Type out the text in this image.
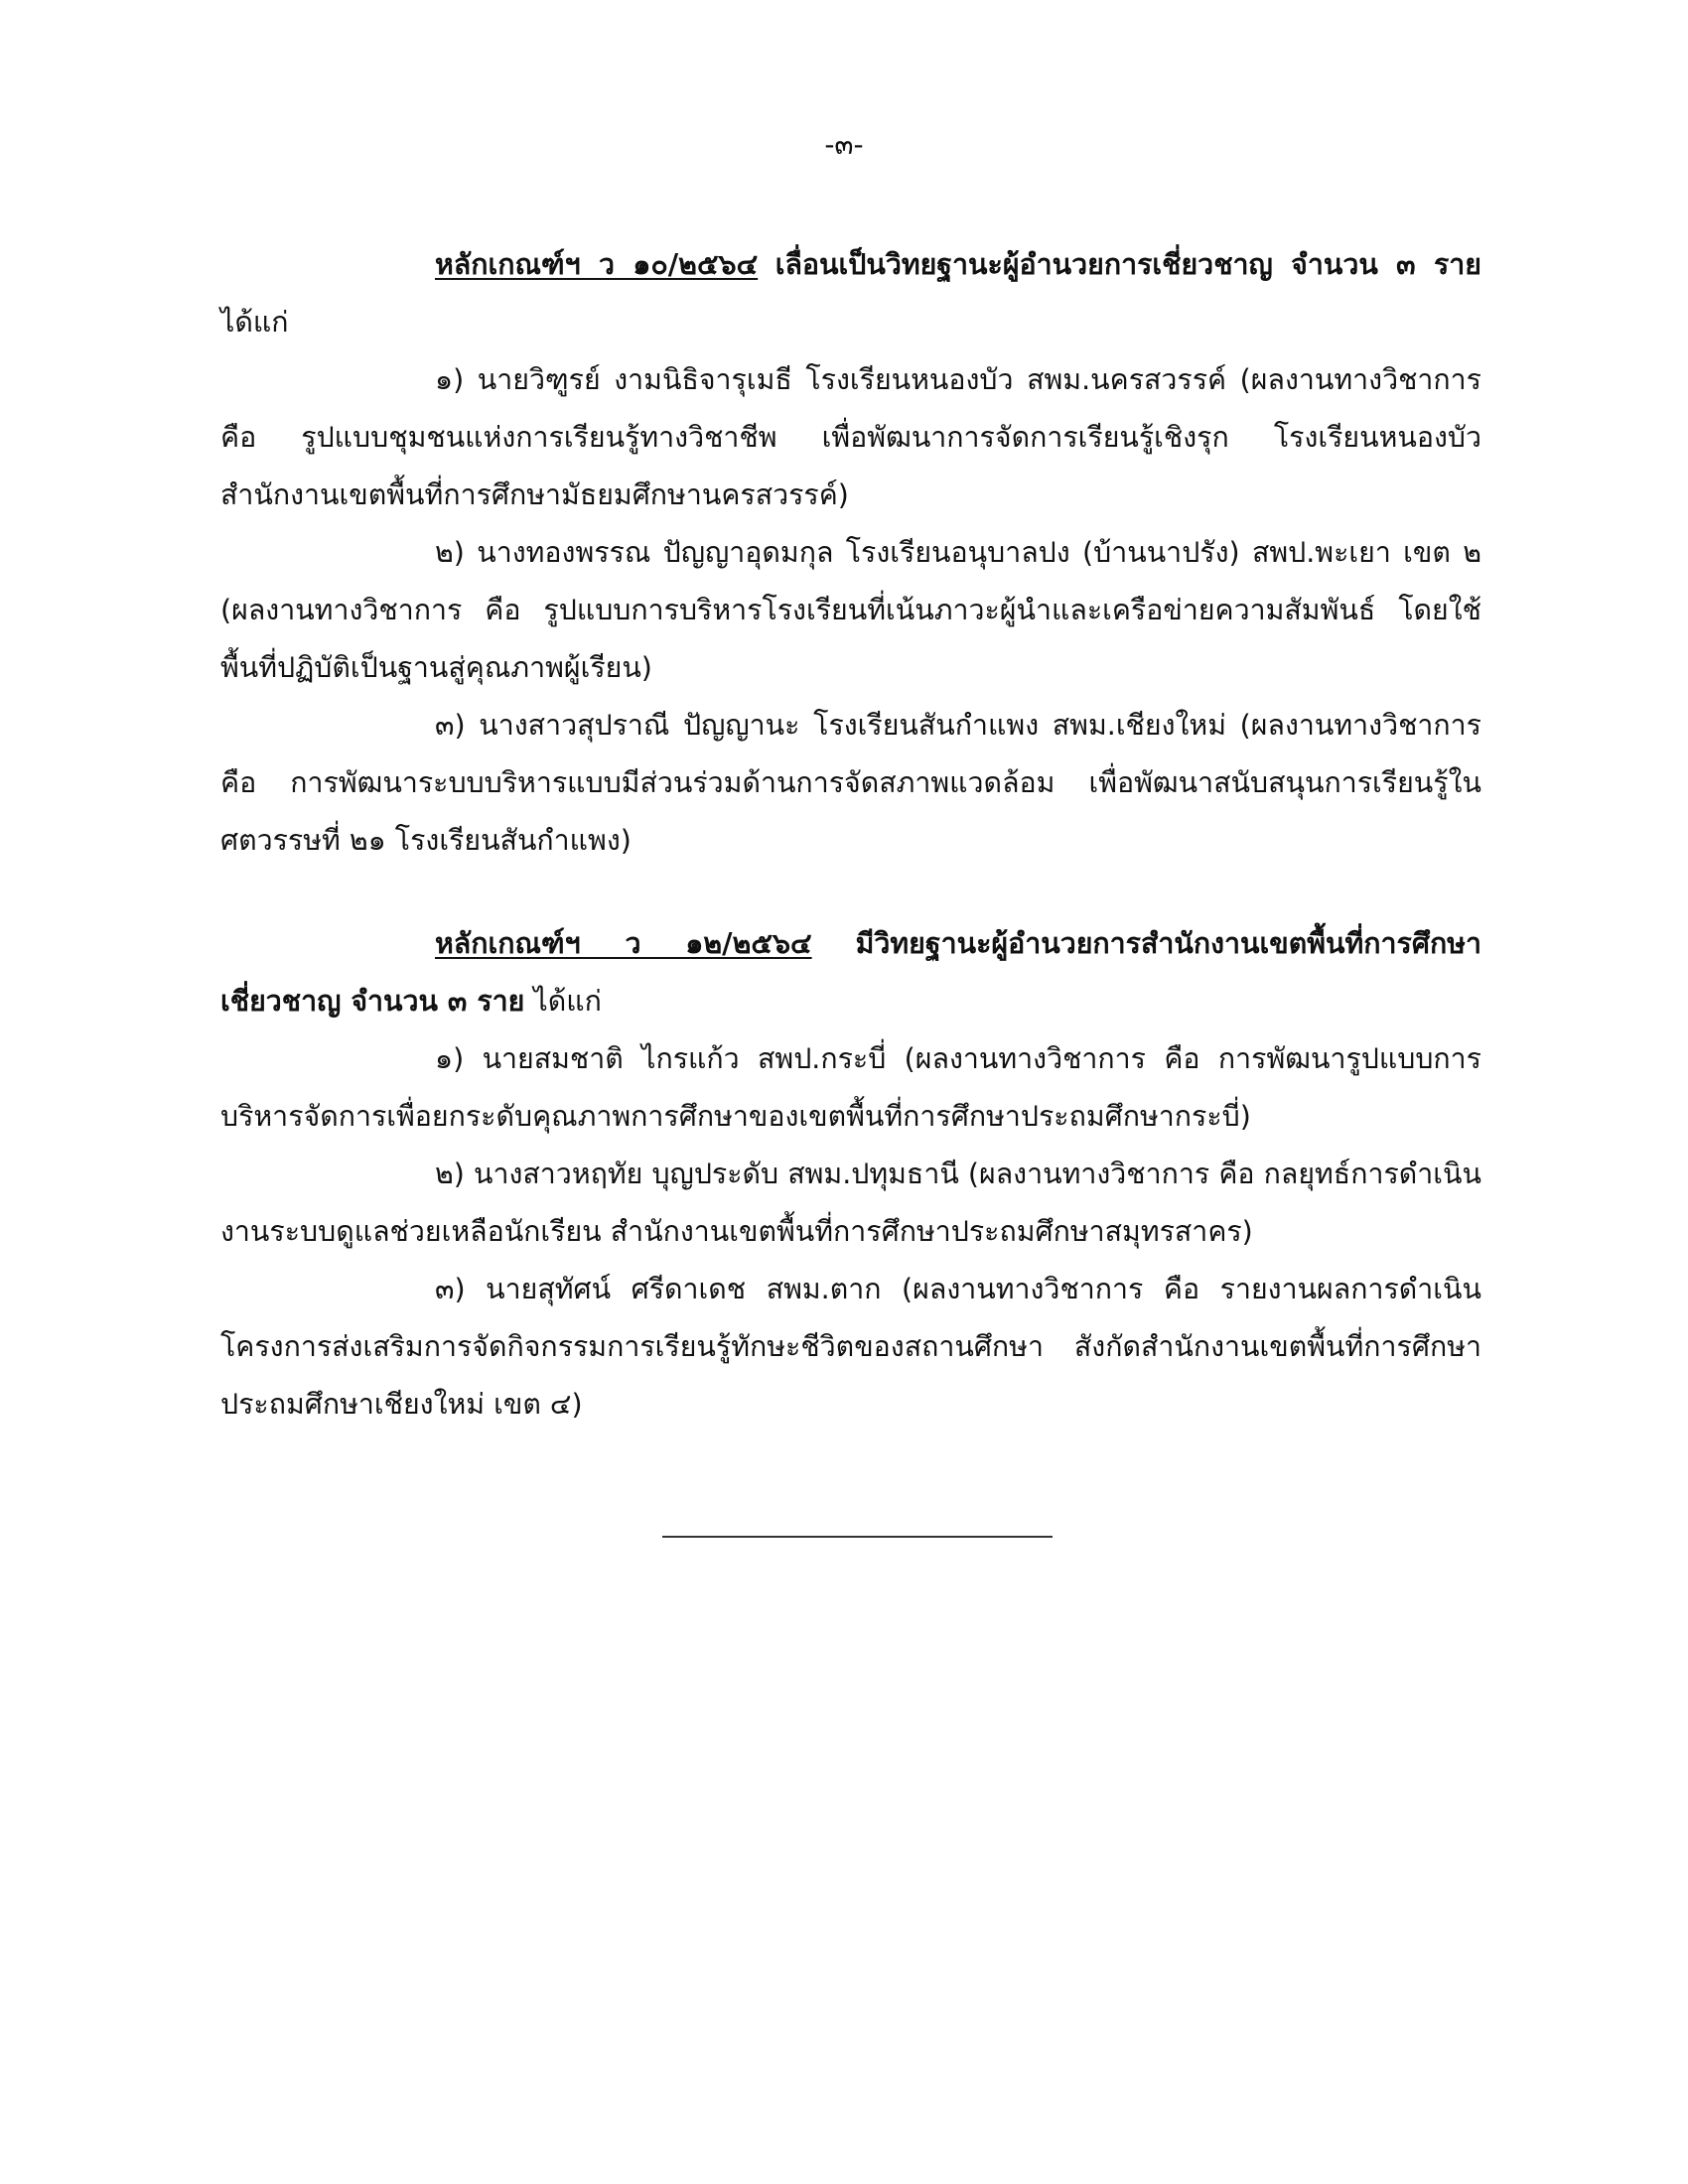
-๓-

หลักเกณฑ์ฯ ว ๑๐/๒๕๖๔ เลื่อนเป็นวิทยฐานะผู้อำนวยการเชี่ยวชาญ จำนวน ๓ ราย ได้แก่

๑) นายวิฑูรย์ งามนิธิจารุเมธี โรงเรียนหนองบัว สพม.นครสวรรค์ (ผลงานทางวิชาการ คือ รูปแบบชุมชนแห่งการเรียนรู้ทางวิชาชีพ เพื่อพัฒนาการจัดการเรียนรู้เชิงรุก โรงเรียนหนองบัว สำนักงานเขตพื้นที่การศึกษามัธยมศึกษานครสวรรค์)

๒) นางทองพรรณ ปัญญาอุดมกุล โรงเรียนอนุบาลปง (บ้านนาปรัง) สพป.พะเยา เขต ๒ (ผลงานทางวิชาการ คือ รูปแบบการบริหารโรงเรียนที่เน้นภาวะผู้นำและเครือข่ายความสัมพันธ์ โดยใช้พื้นที่ปฏิบัติเป็นฐานสู่คุณภาพผู้เรียน)

๓) นางสาวสุปราณี ปัญญานะ โรงเรียนสันกำแพง สพม.เชียงใหม่ (ผลงานทางวิชาการ คือ การพัฒนาระบบบริหารแบบมีส่วนร่วมด้านการจัดสภาพแวดล้อม เพื่อพัฒนาสนับสนุนการเรียนรู้ในศตวรรษที่ ๒๑ โรงเรียนสันกำแพง)

หลักเกณฑ์ฯ ว ๑๒/๒๕๖๔ มีวิทยฐานะผู้อำนวยการสำนักงานเขตพื้นที่การศึกษาเชี่ยวชาญ จำนวน ๓ ราย ได้แก่

๑) นายสมชาติ ไกรแก้ว สพป.กระบี่ (ผลงานทางวิชาการ คือ การพัฒนารูปแบบการบริหารจัดการเพื่อยกระดับคุณภาพการศึกษาของเขตพื้นที่การศึกษาประถมศึกษากระบี่)

๒) นางสาวหฤทัย บุญประดับ สพม.ปทุมธานี (ผลงานทางวิชาการ คือ กลยุทธ์การดำเนินงานระบบดูแลช่วยเหลือนักเรียน สำนักงานเขตพื้นที่การศึกษาประถมศึกษาสมุทรสาคร)

๓) นายสุทัศน์ ศรีดาเดช สพม.ตาก (ผลงานทางวิชาการ คือ รายงานผลการดำเนินโครงการส่งเสริมการจัดกิจกรรมการเรียนรู้ทักษะชีวิตของสถานศึกษา สังกัดสำนักงานเขตพื้นที่การศึกษาประถมศึกษาเชียงใหม่ เขต ๔)
